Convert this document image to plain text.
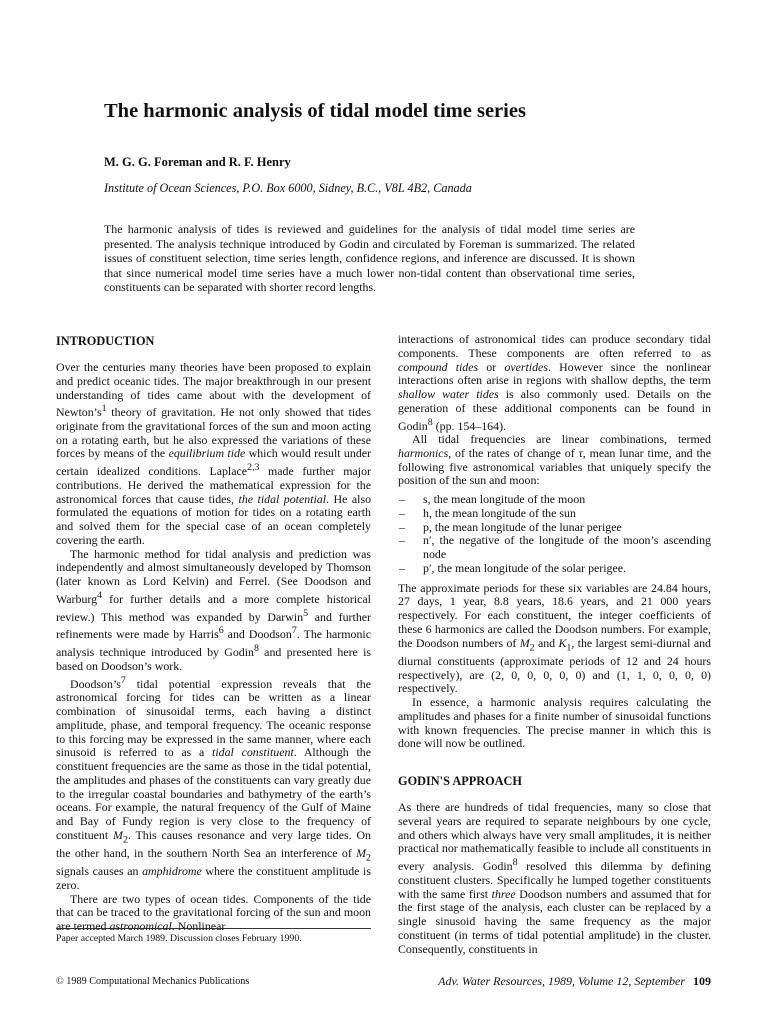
The harmonic analysis of tidal model time series
M. G. G. Foreman and R. F. Henry
Institute of Ocean Sciences, P.O. Box 6000, Sidney, B.C., V8L 4B2, Canada

The harmonic analysis of tides is reviewed and guidelines for the analysis of tidal model time series are presented. The analysis technique introduced by Godin and circulated by Foreman is summarized. The related issues of constituent selection, time series length, confidence regions, and inference are discussed. It is shown that since numerical model time series have a much lower non-tidal content than observational time series, constituents can be separated with shorter record lengths.

INTRODUCTION

Over the centuries many theories have been proposed to explain and predict oceanic tides. The major breakthrough in our present understanding of tides came about with the development of $Newton’s^1$ theory of gravitation. He not only showed that tides originate from the gravitational forces of the sun and moon acting on a rotating earth, but he also expressed the variations of these forces by means of the equilibrium tide which would result under certain idealized conditions. Laplace$^{2,3}$ made further major contributions. He derived the mathematical expression for the astronomical forces that cause tides, the tidal potential. He also formulated the equations of motion for tides on a rotating earth and solved them for the special case of an ocean completely covering the earth.

The harmonic method for tidal analysis and prediction was independently and almost simultaneously developed by Thomson (later known as Lord Kelvin) and Ferrel. (See Doodson and Warburg$^4$ for further details and a more complete historical review.) This method was expanded by Darwin$^5$ and further refinements were made by Harris$^6$ and Doodson$^7$. The harmonic analysis technique introduced by Godin$^8$ and presented here is based on Doodson’s work.

$Doodson’s^7$ tidal potential expression reveals that the astronomical forcing for tides can be written as a linear combination of sinusoidal terms, each having a distinct amplitude, phase, and temporal frequency. The oceanic response to this forcing may be expressed in the same manner, where each sinusoid is referred to as a tidal constituent. Although the constituent frequencies are the same as those in the tidal potential, the amplitudes and phases of the constituents can vary greatly due to the irregular coastal boundaries and bathymetry of the earth’s oceans. For example, the natural frequency of the Gulf of Maine and Bay of Fundy region is very close to the frequency of constituent $M_2$. This causes resonance and very large tides. On the other hand, in the southern North Sea an interference of $M_2$ signals causes an amphidrome where the constituent amplitude is zero.

There are two types of ocean tides. Components of the tide that can be traced to the gravitational forcing of the sun and moon are termed astronomical. Nonlinear

interactions of astronomical tides can produce secondary tidal components. These components are often referred to as compound tides or overtides. However since the nonlinear interactions often arise in regions with shallow depths, the term shallow water tides is also commonly used. Details on the generation of these additional components can be found in Godin$^8$ (pp. 154–164).

All tidal frequencies are linear combinations, termed harmonics, of the rates of change of τ, mean lunar time, and the following five astronomical variables that uniquely specify the position of the sun and moon:

– s, the mean longitude of the moon
– h, the mean longitude of the sun
– p, the mean longitude of the lunar perigee
– n′, the negative of the longitude of the moon’s ascending node
– p′, the mean longitude of the solar perigee.

The approximate periods for these six variables are 24.84 hours, 27 days, 1 year, 8.8 years, 18.6 years, and 21 000 years respectively. For each constituent, the integer coefficients of these 6 harmonics are called the Doodson numbers. For example, the Doodson numbers of $M_2$ and $K_1$, the largest semi-diurnal and diurnal constituents (approximate periods of 12 and 24 hours respectively), are (2, 0, 0, 0, 0, 0) and (1, 1, 0, 0, 0, 0) respectively.

In essence, a harmonic analysis requires calculating the amplitudes and phases for a finite number of sinusoidal functions with known frequencies. The precise manner in which this is done will now be outlined.

GODIN'S APPROACH

As there are hundreds of tidal frequencies, many so close that several years are required to separate neighbours by one cycle, and others which always have very small amplitudes, it is neither practical nor mathematically feasible to include all constituents in every analysis. Godin$^8$ resolved this dilemma by defining constituent clusters. Specifically he lumped together constituents with the same first three Doodson numbers and assumed that for the first stage of the analysis, each cluster can be replaced by a single sinusoid having the same frequency as the major constituent (in terms of tidal potential amplitude) in the cluster. Consequently, constituents in

Paper accepted March 1989. Discussion closes February 1990.
© 1989 Computational Mechanics Publications	Adv. Water Resources, 1989, Volume 12, September 109
